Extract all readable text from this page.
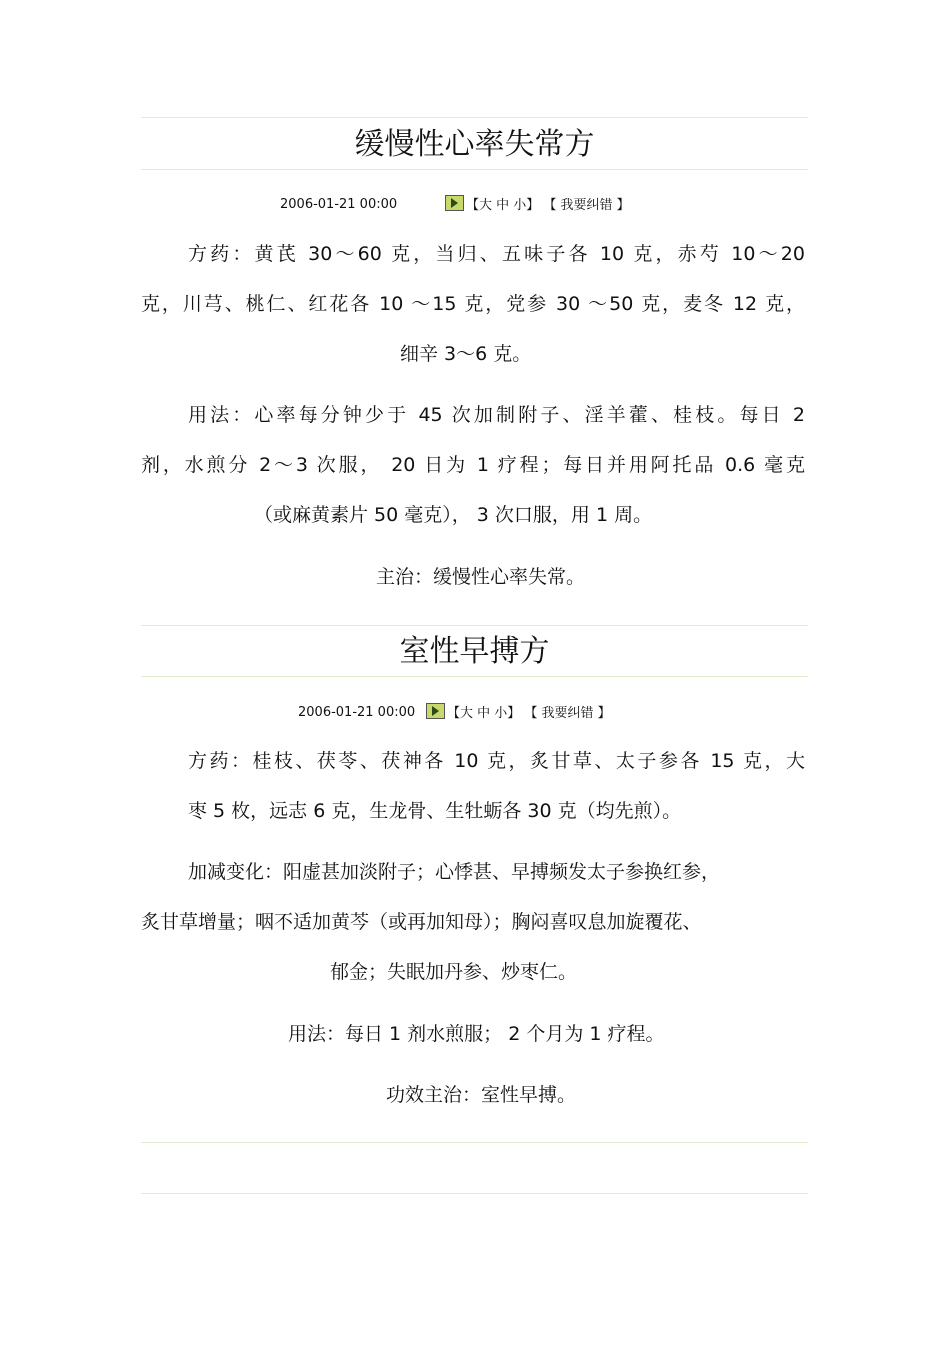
缓慢性心率失常方
2006-01-21 00:00	【大 中 小】 【 我要纠错 】
方药：黄芪 30～60 克，当归、五味子各 10 克，赤芍 10～20
克，川芎、桃仁、红花各 10 ～15 克，党参 30 ～50 克，麦冬 12 克，
细辛 3～6 克。
用法：心率每分钟少于 45 次加制附子、淫羊藿、桂枝。每日 2
剂，水煎分 2～3 次服， 20 日为 1 疗程；每日并用阿托品 0.6 毫克
（或麻黄素片 50 毫克）， 3 次口服，用 1 周。
主治：缓慢性心率失常。
室性早搏方
2006-01-21 00:00	【大 中 小】 【 我要纠错 】
方药：桂枝、茯苓、茯神各 10 克，炙甘草、太子参各 15 克，大
枣 5 枚，远志 6 克，生龙骨、生牡蛎各 30 克（均先煎）。
加减变化：阳虚甚加淡附子；心悸甚、早搏频发太子参换红参，
炙甘草增量；咽不适加黄芩（或再加知母）；胸闷喜叹息加旋覆花、
郁金；失眠加丹参、炒枣仁。
用法：每日 1 剂水煎服； 2 个月为 1 疗程。
功效主治：室性早搏。
